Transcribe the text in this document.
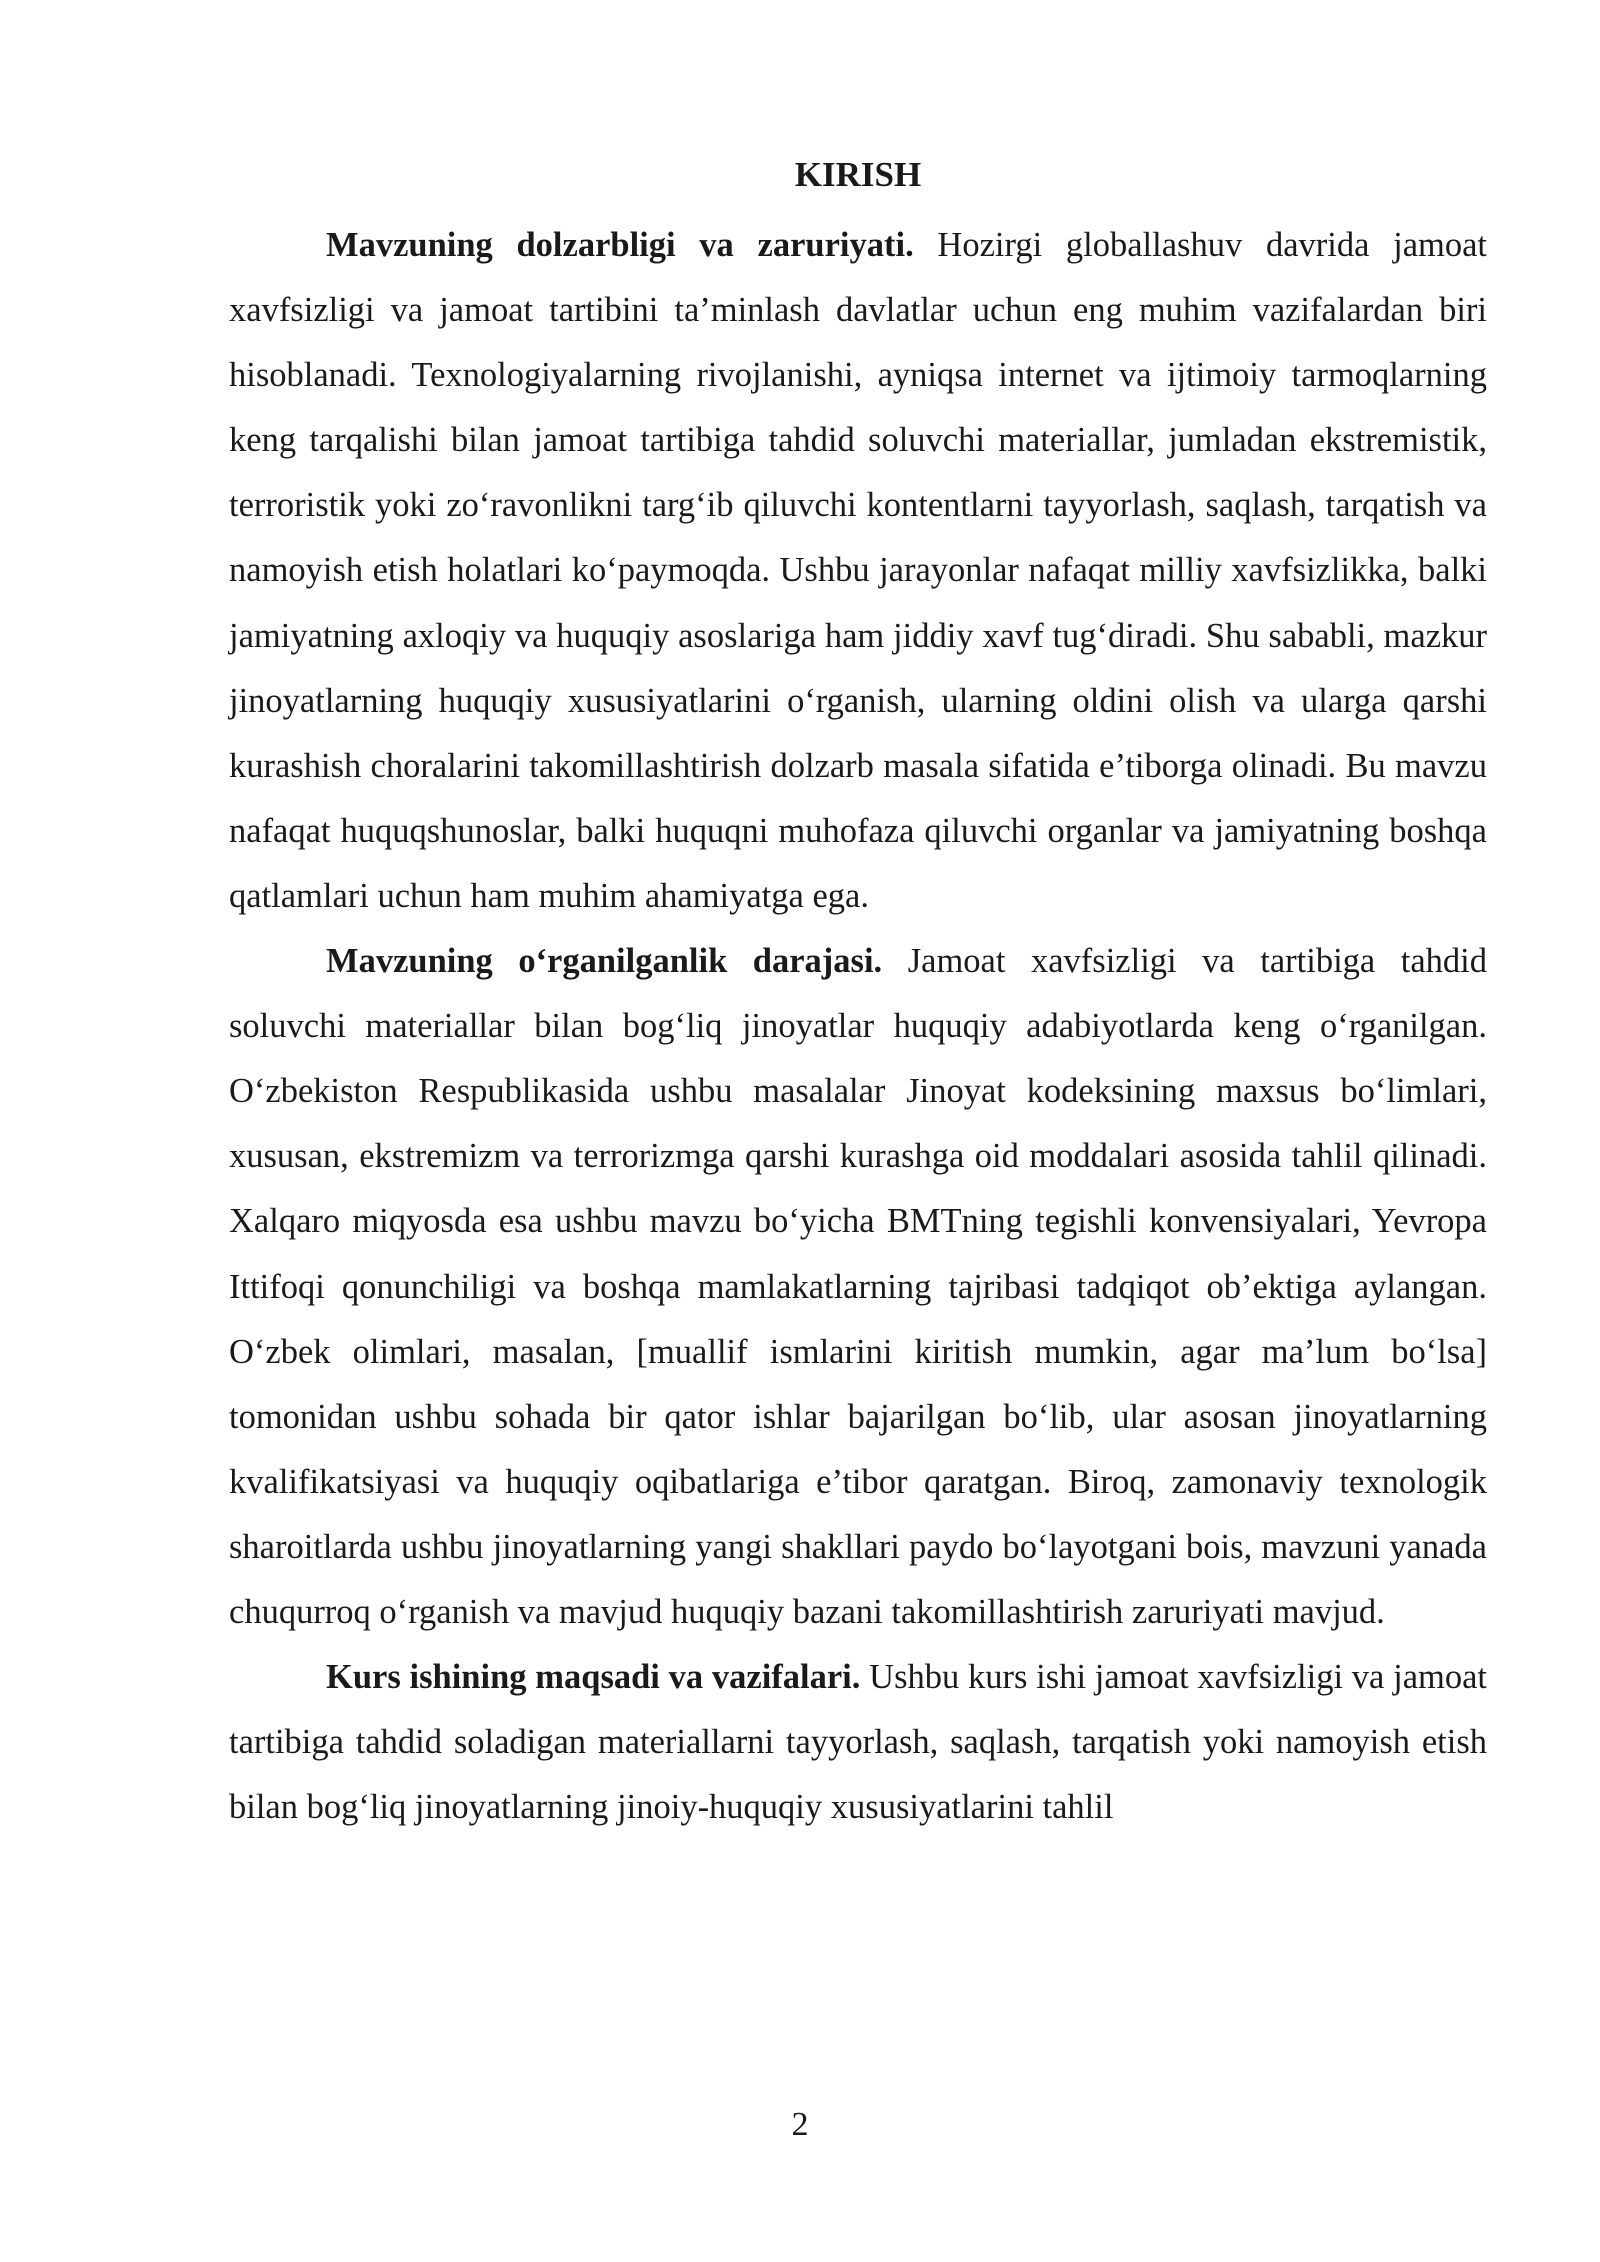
KIRISH

Mavzuning dolzarbligi va zaruriyati. Hozirgi globallashuv davrida jamoat xavfsizligi va jamoat tartibini ta’minlash davlatlar uchun eng muhim vazifalardan biri hisoblanadi. Texnologiyalarning rivojlanishi, ayniqsa internet va ijtimoiy tarmoqlarning keng tarqalishi bilan jamoat tartibiga tahdid soluvchi materiallar, jumladan ekstremistik, terroristik yoki zo‘ravonlikni targ‘ib qiluvchi kontentlarni tayyorlash, saqlash, tarqatish va namoyish etish holatlari ko‘paymoqda. Ushbu jarayonlar nafaqat milliy xavfsizlikka, balki jamiyatning axloqiy va huquqiy asoslariga ham jiddiy xavf tug‘diradi. Shu sababli, mazkur jinoyatlarning huquqiy xususiyatlarini o‘rganish, ularning oldini olish va ularga qarshi kurashish choralarini takomillashtirish dolzarb masala sifatida e’tiborga olinadi. Bu mavzu nafaqat huquqshunoslar, balki huquqni muhofaza qiluvchi organlar va jamiyatning boshqa qatlamlari uchun ham muhim ahamiyatga ega.

Mavzuning o‘rganilganlik darajasi. Jamoat xavfsizligi va tartibiga tahdid soluvchi materiallar bilan bog‘liq jinoyatlar huquqiy adabiyotlarda keng o‘rganilgan. O‘zbekiston Respublikasida ushbu masalalar Jinoyat kodeksining maxsus bo‘limlari, xususan, ekstremizm va terrorizmga qarshi kurashga oid moddalari asosida tahlil qilinadi. Xalqaro miqyosda esa ushbu mavzu bo‘yicha BMTning tegishli konvensiyalari, Yevropa Ittifoqi qonunchiligi va boshqa mamlakatlarning tajribasi tadqiqot ob’ektiga aylangan. O‘zbek olimlari, masalan, [muallif ismlarini kiritish mumkin, agar ma’lum bo‘lsa] tomonidan ushbu sohada bir qator ishlar bajarilgan bo‘lib, ular asosan jinoyatlarning kvalifikatsiyasi va huquqiy oqibatlariga e’tibor qaratgan. Biroq, zamonaviy texnologik sharoitlarda ushbu jinoyatlarning yangi shakllari paydo bo‘layotgani bois, mavzuni yanada chuqurroq o‘rganish va mavjud huquqiy bazani takomillashtirish zaruriyati mavjud.

Kurs ishining maqsadi va vazifalari. Ushbu kurs ishi jamoat xavfsizligi va jamoat tartibiga tahdid soladigan materiallarni tayyorlash, saqlash, tarqatish yoki namoyish etish bilan bog‘liq jinoyatlarning jinoiy-huquqiy xususiyatlarini tahlil

2
